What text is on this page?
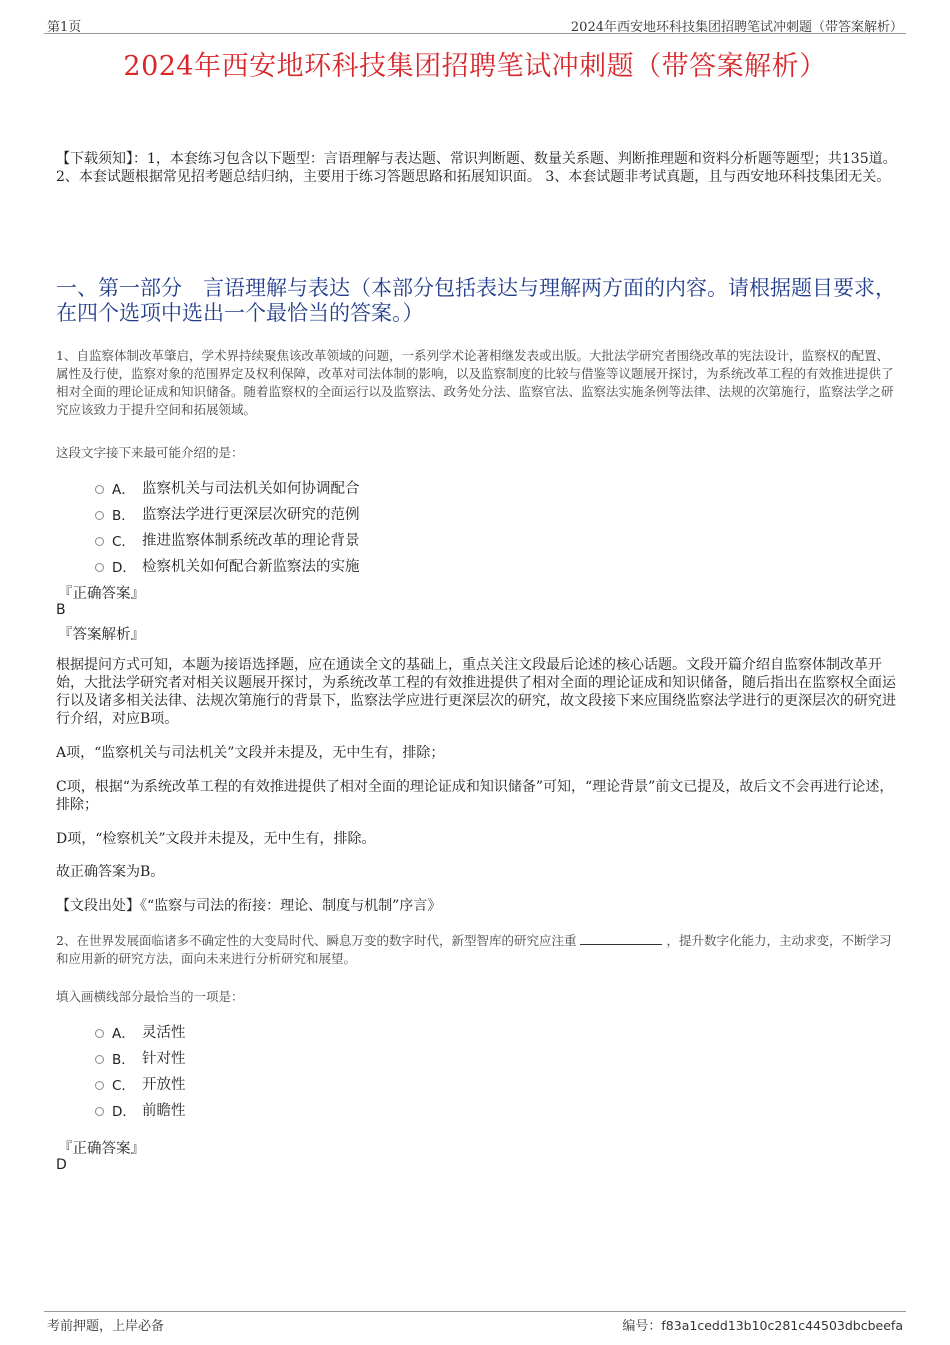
第1页	2024年西安地环科技集团招聘笔试冲刺题（带答案解析）
2024年西安地环科技集团招聘笔试冲刺题（带答案解析）
【下载须知】：1，本套练习包含以下题型：言语理解与表达题、常识判断题、数量关系题、判断推理题和资料分析题等题型；共135道。 2、本套试题根据常见招考题总结归纳，主要用于练习答题思路和拓展知识面。 3、本套试题非考试真题，且与西安地环科技集团无关。
一、第一部分　言语理解与表达（本部分包括表达与理解两方面的内容。请根据题目要求，在四个选项中选出一个最恰当的答案。）
1、自监察体制改革肇启，学术界持续聚焦该改革领域的问题，一系列学术论著相继发表或出版。大批法学研究者围绕改革的宪法设计，监察权的配置、属性及行使，监察对象的范围界定及权利保障，改革对司法体制的影响，以及监察制度的比较与借鉴等议题展开探讨，为系统改革工程的有效推进提供了相对全面的理论证成和知识储备。随着监察权的全面运行以及监察法、政务处分法、监察官法、监察法实施条例等法律、法规的次第施行，监察法学之研究应该致力于提升空间和拓展领域。
这段文字接下来最可能介绍的是：
A． 监察机关与司法机关如何协调配合
B． 监察法学进行更深层次研究的范例
C． 推进监察体制系统改革的理论背景
D． 检察机关如何配合新监察法的实施
『正确答案』
B
『答案解析』
根据提问方式可知，本题为接语选择题，应在通读全文的基础上，重点关注文段最后论述的核心话题。文段开篇介绍自监察体制改革开始，大批法学研究者对相关议题展开探讨，为系统改革工程的有效推进提供了相对全面的理论证成和知识储备，随后指出在监察权全面运行以及诸多相关法律、法规次第施行的背景下，监察法学应进行更深层次的研究，故文段接下来应围绕监察法学进行的更深层次的研究进行介绍，对应B项。
A项，“监察机关与司法机关”文段并未提及，无中生有，排除；
C项，根据“为系统改革工程的有效推进提供了相对全面的理论证成和知识储备”可知，“理论背景”前文已提及，故后文不会再进行论述，排除；
D项，“检察机关”文段并未提及，无中生有，排除。
故正确答案为B。
【文段出处】《“监察与司法的衔接：理论、制度与机制”序言》
2、在世界发展面临诸多不确定性的大变局时代、瞬息万变的数字时代，新型智库的研究应注重	，提升数字化能力，主动求变，不断学习和应用新的研究方法，面向未来进行分析研究和展望。
填入画横线部分最恰当的一项是：
A． 灵活性
B． 针对性
C． 开放性
D． 前瞻性
『正确答案』
D
考前押题，上岸必备	编号：f83a1cedd13b10c281c44503dbcbeefa
